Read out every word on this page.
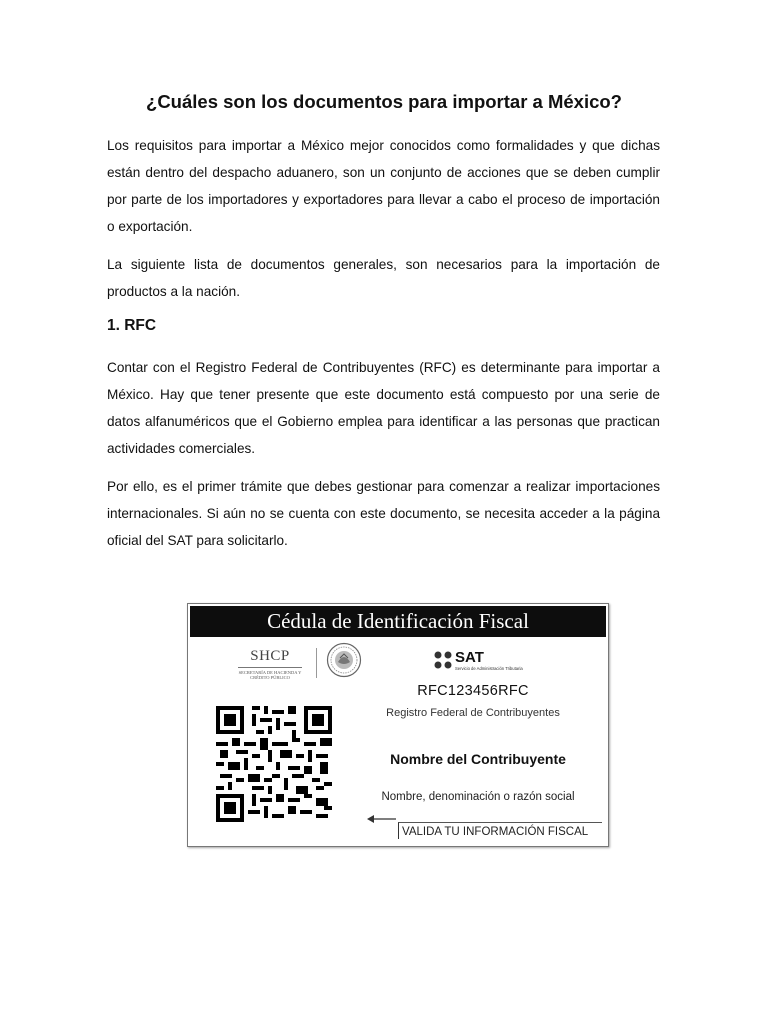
¿Cuáles son los documentos para importar a México?

Los requisitos para importar a México mejor conocidos como formalidades y que dichas están dentro del despacho aduanero, son un conjunto de acciones que se deben cumplir por parte de los importadores y exportadores para llevar a cabo el proceso de importación o exportación.

La siguiente lista de documentos generales, son necesarios para la importación de productos a la nación.

1. RFC

Contar con el Registro Federal de Contribuyentes (RFC) es determinante para importar a México. Hay que tener presente que este documento está compuesto por una serie de datos alfanuméricos que el Gobierno emplea para identificar a las personas que practican actividades comerciales.

Por ello, es el primer trámite que debes gestionar para comenzar a realizar importaciones internacionales. Si aún no se cuenta con este documento, se necesita acceder a la página oficial del SAT para solicitarlo.

Cédula de Identificación Fiscal
SHCP
SECRETARÍA DE HACIENDA Y CRÉDITO PÚBLICO
SAT
Servicio de Administración Tributaria
RFC123456RFC
Registro Federal de Contribuyentes
Nombre del Contribuyente
Nombre, denominación o razón social
VALIDA TU INFORMACIÓN FISCAL
